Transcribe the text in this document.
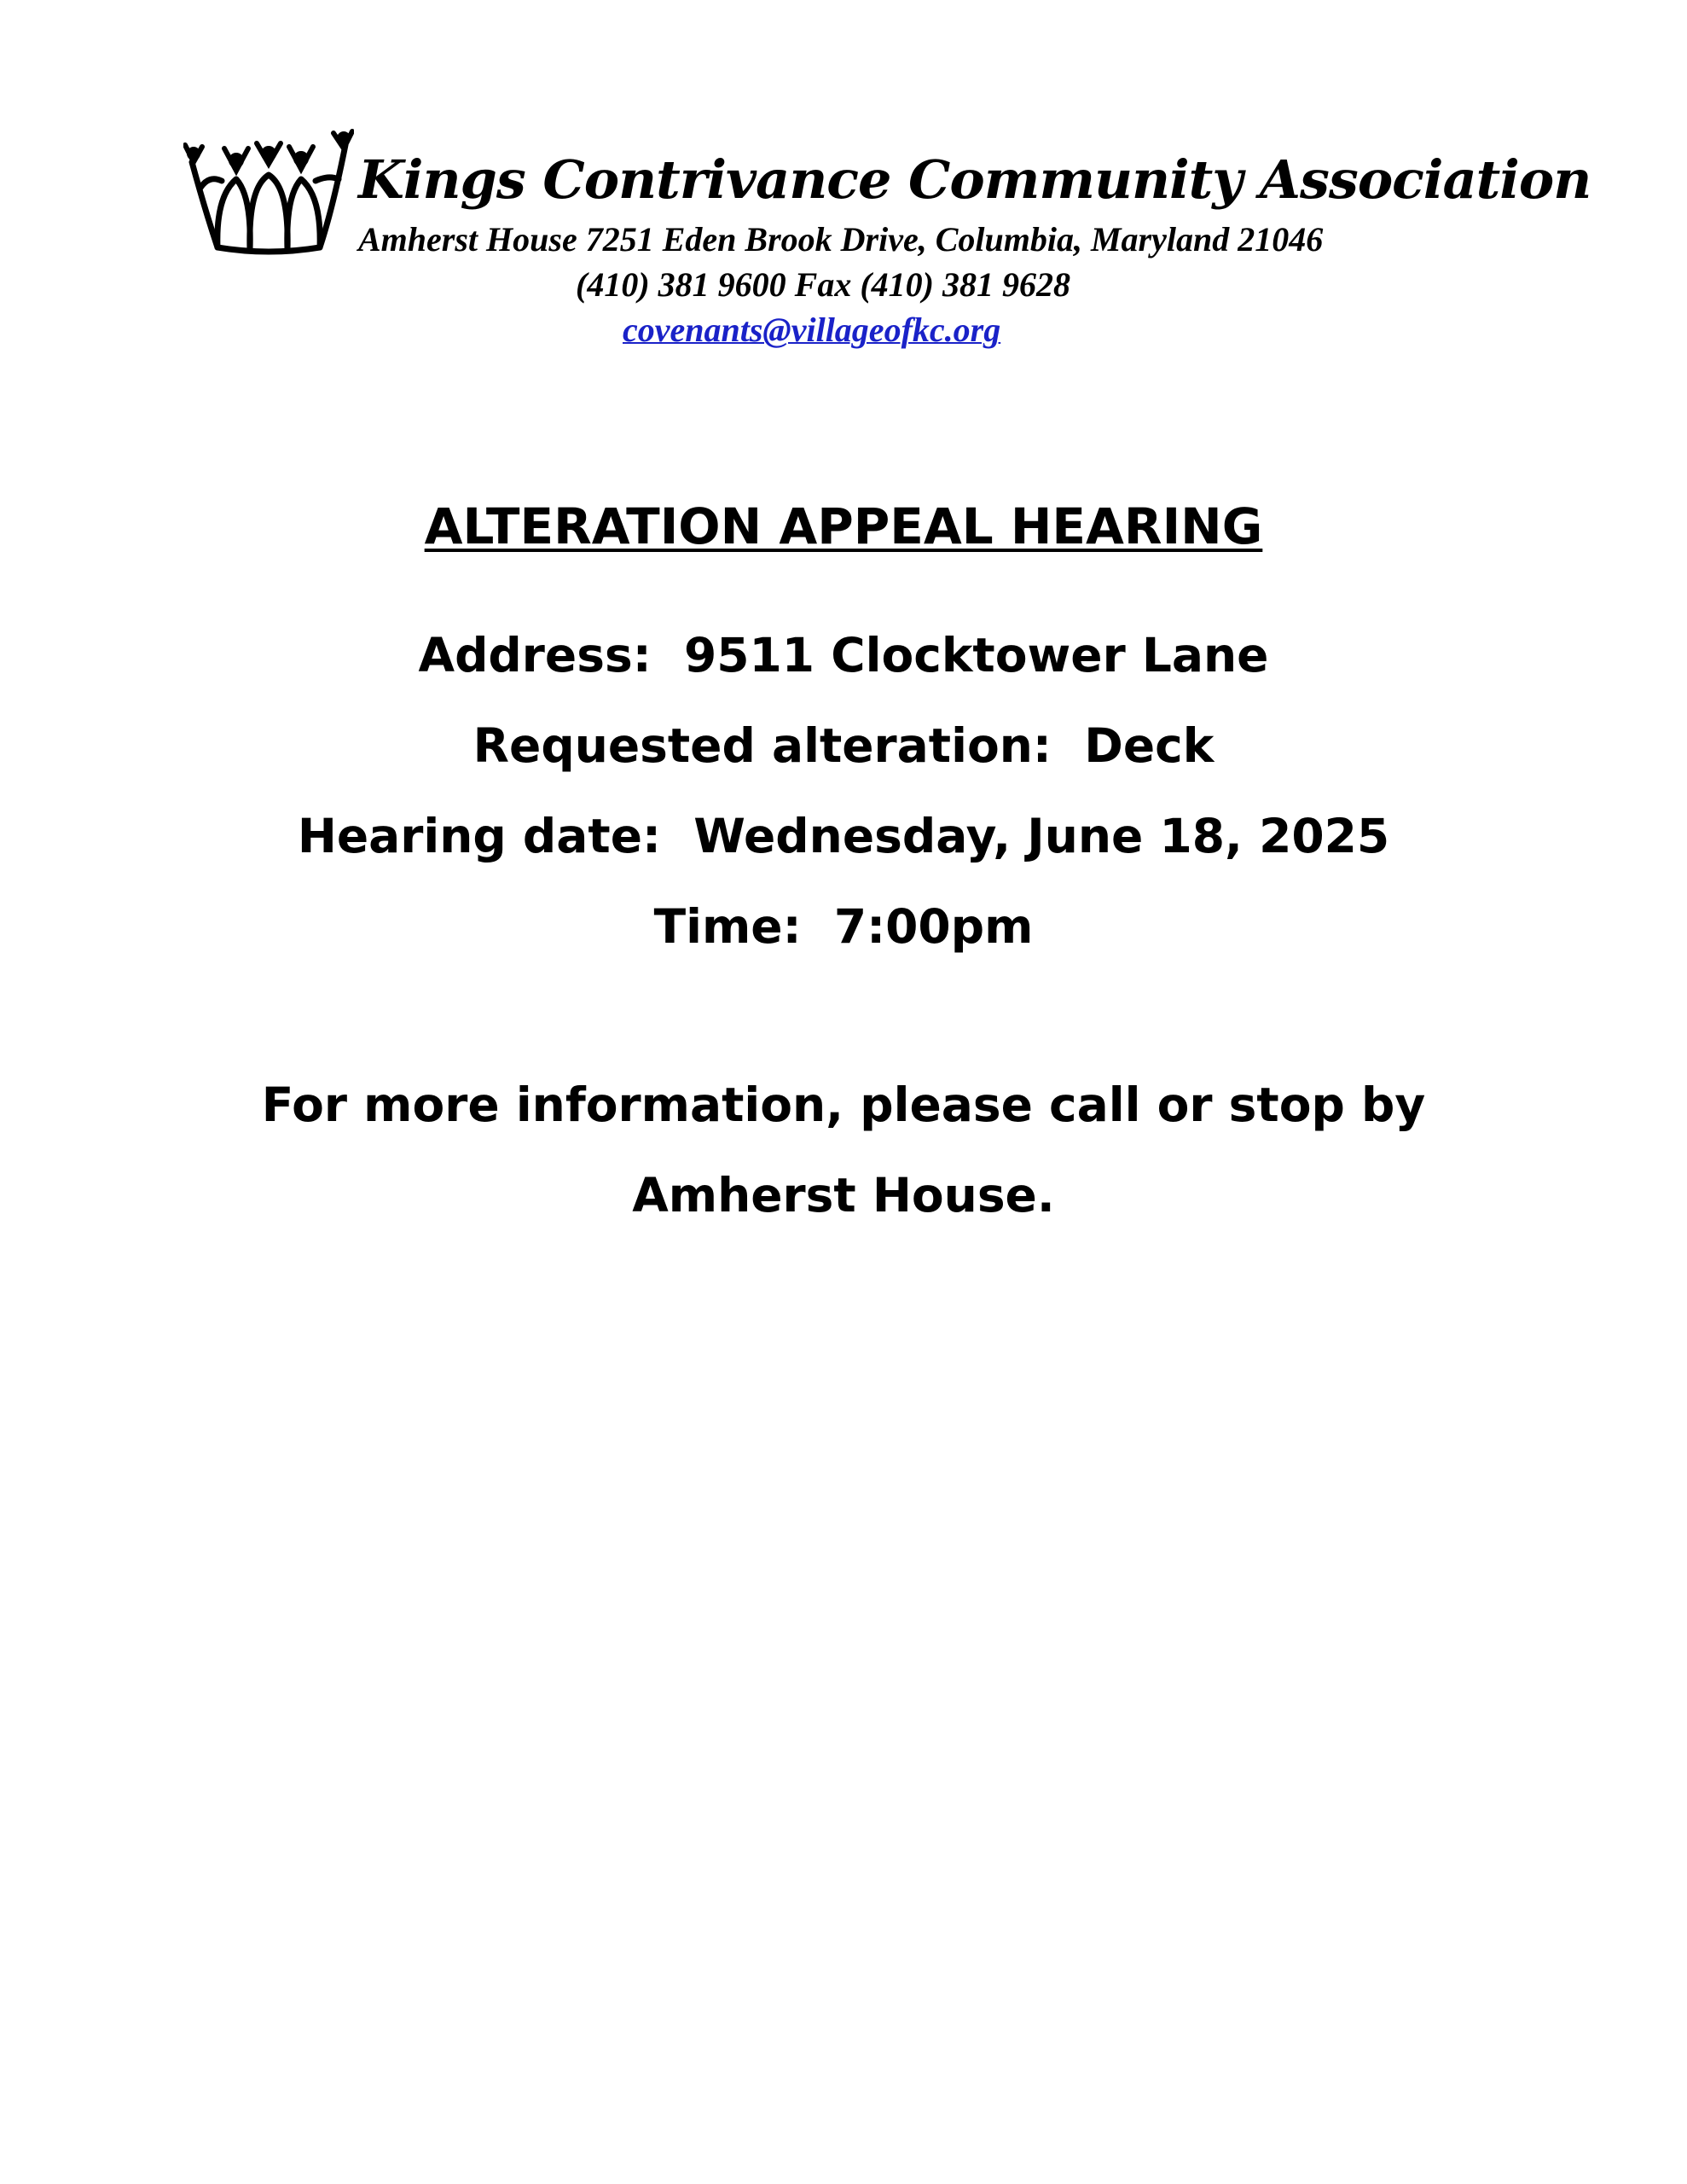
Kings Contrivance Community Association
Amherst House 7251 Eden Brook Drive, Columbia, Maryland 21046
(410) 381 9600 Fax (410) 381 9628
covenants@villageofkc.org
ALTERATION APPEAL HEARING
Address: 9511 Clocktower Lane
Requested alteration: Deck
Hearing date: Wednesday, June 18, 2025
Time: 7:00pm
For more information, please call or stop by
Amherst House.
